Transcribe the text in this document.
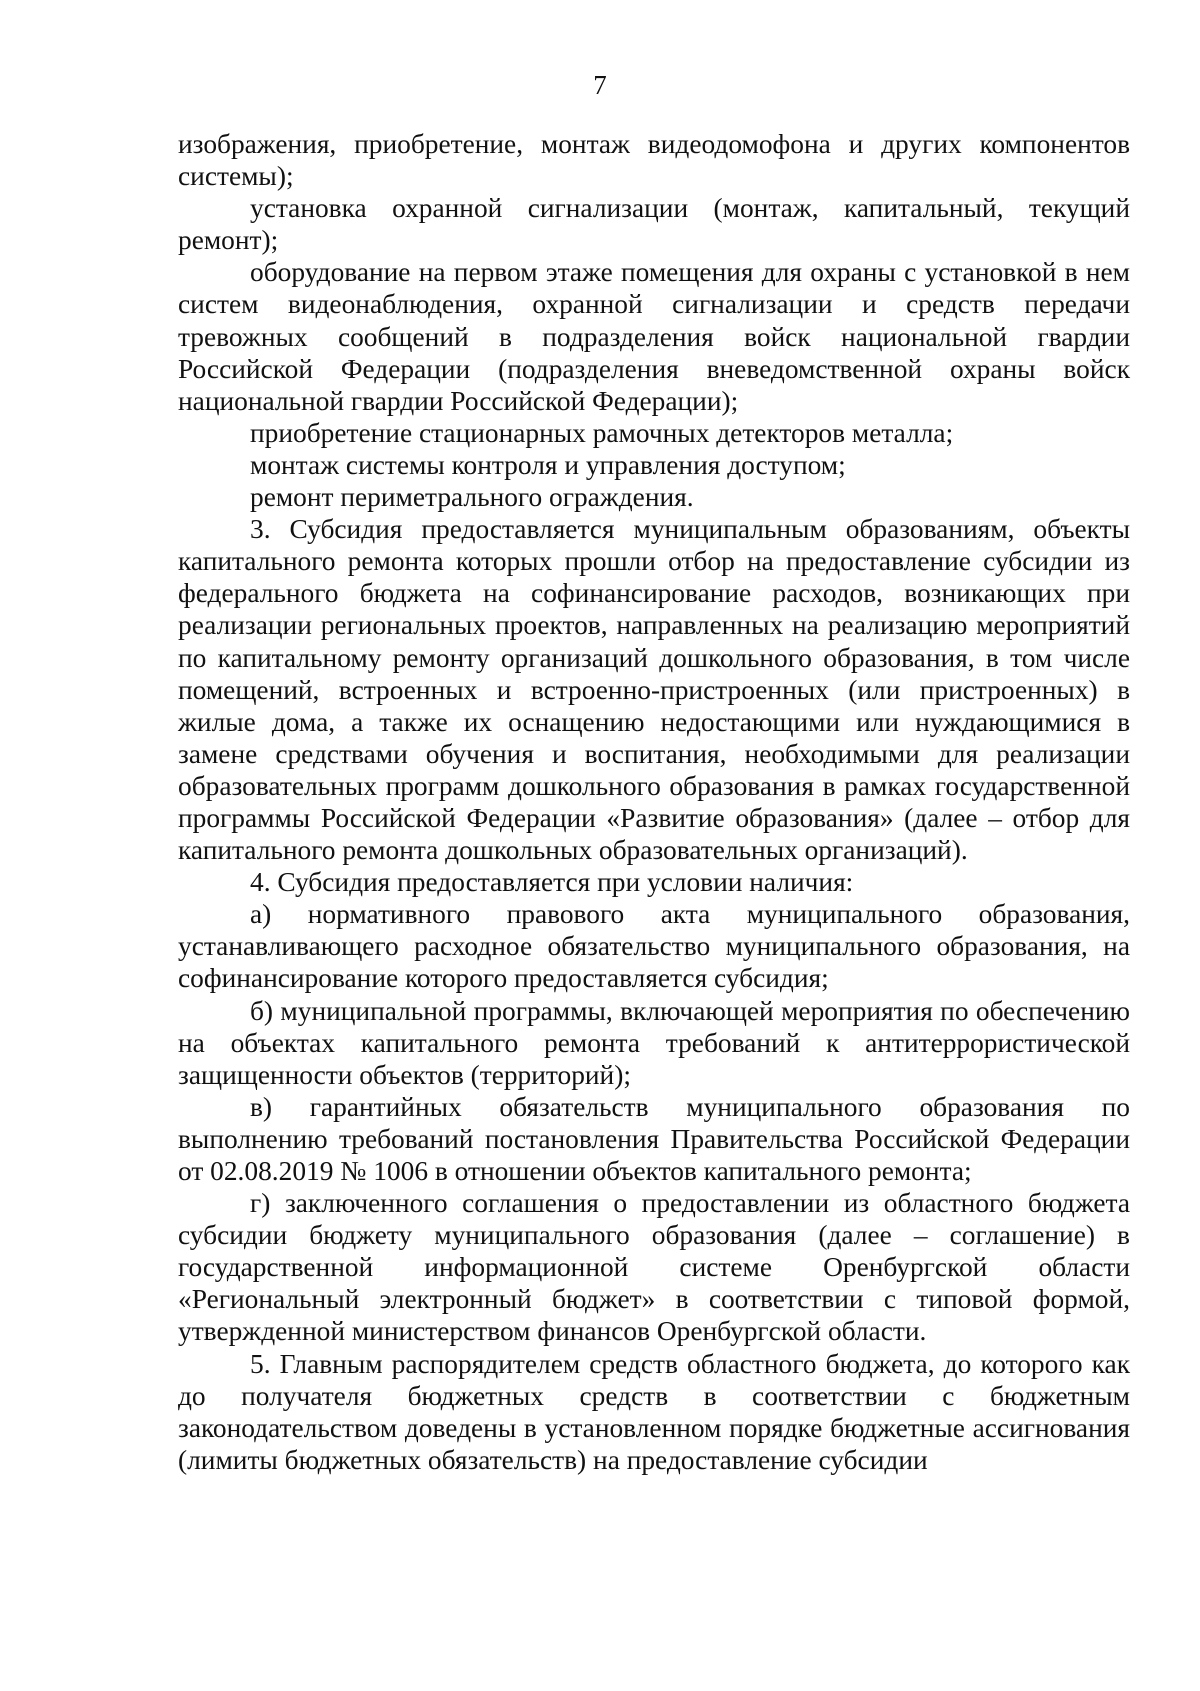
7

изображения, приобретение, монтаж видеодомофона и других компонентов системы);

установка охранной сигнализации (монтаж, капитальный, текущий ремонт);

оборудование на первом этаже помещения для охраны с установкой в нем систем видеонаблюдения, охранной сигнализации и средств передачи тревожных сообщений в подразделения войск национальной гвардии Российской Федерации (подразделения вневедомственной охраны войск национальной гвардии Российской Федерации);

приобретение стационарных рамочных детекторов металла;

монтаж системы контроля и управления доступом;

ремонт периметрального ограждения.

3. Субсидия предоставляется муниципальным образованиям, объекты капитального ремонта которых прошли отбор на предоставление субсидии из федерального бюджета на софинансирование расходов, возникающих при реализации региональных проектов, направленных на реализацию мероприятий по капитальному ремонту организаций дошкольного образования, в том числе помещений, встроенных и встроенно-пристроенных (или пристроенных) в жилые дома, а также их оснащению недостающими или нуждающимися в замене средствами обучения и воспитания, необходимыми для реализации образовательных программ дошкольного образования в рамках государственной программы Российской Федерации «Развитие образования» (далее – отбор для капитального ремонта дошкольных образовательных организаций).

4. Субсидия предоставляется при условии наличия:

а) нормативного правового акта муниципального образования, устанавливающего расходное обязательство муниципального образования, на софинансирование которого предоставляется субсидия;

б) муниципальной программы, включающей мероприятия по обеспечению на объектах капитального ремонта требований к антитеррористической защищенности объектов (территорий);

в) гарантийных обязательств муниципального образования по выполнению требований постановления Правительства Российской Федерации от 02.08.2019 № 1006 в отношении объектов капитального ремонта;

г) заключенного соглашения о предоставлении из областного бюджета субсидии бюджету муниципального образования (далее – соглашение) в государственной информационной системе Оренбургской области «Региональный электронный бюджет» в соответствии с типовой формой, утвержденной министерством финансов Оренбургской области.

5. Главным распорядителем средств областного бюджета, до которого как до получателя бюджетных средств в соответствии с бюджетным законодательством доведены в установленном порядке бюджетные ассигнования (лимиты бюджетных обязательств) на предоставление субсидии
